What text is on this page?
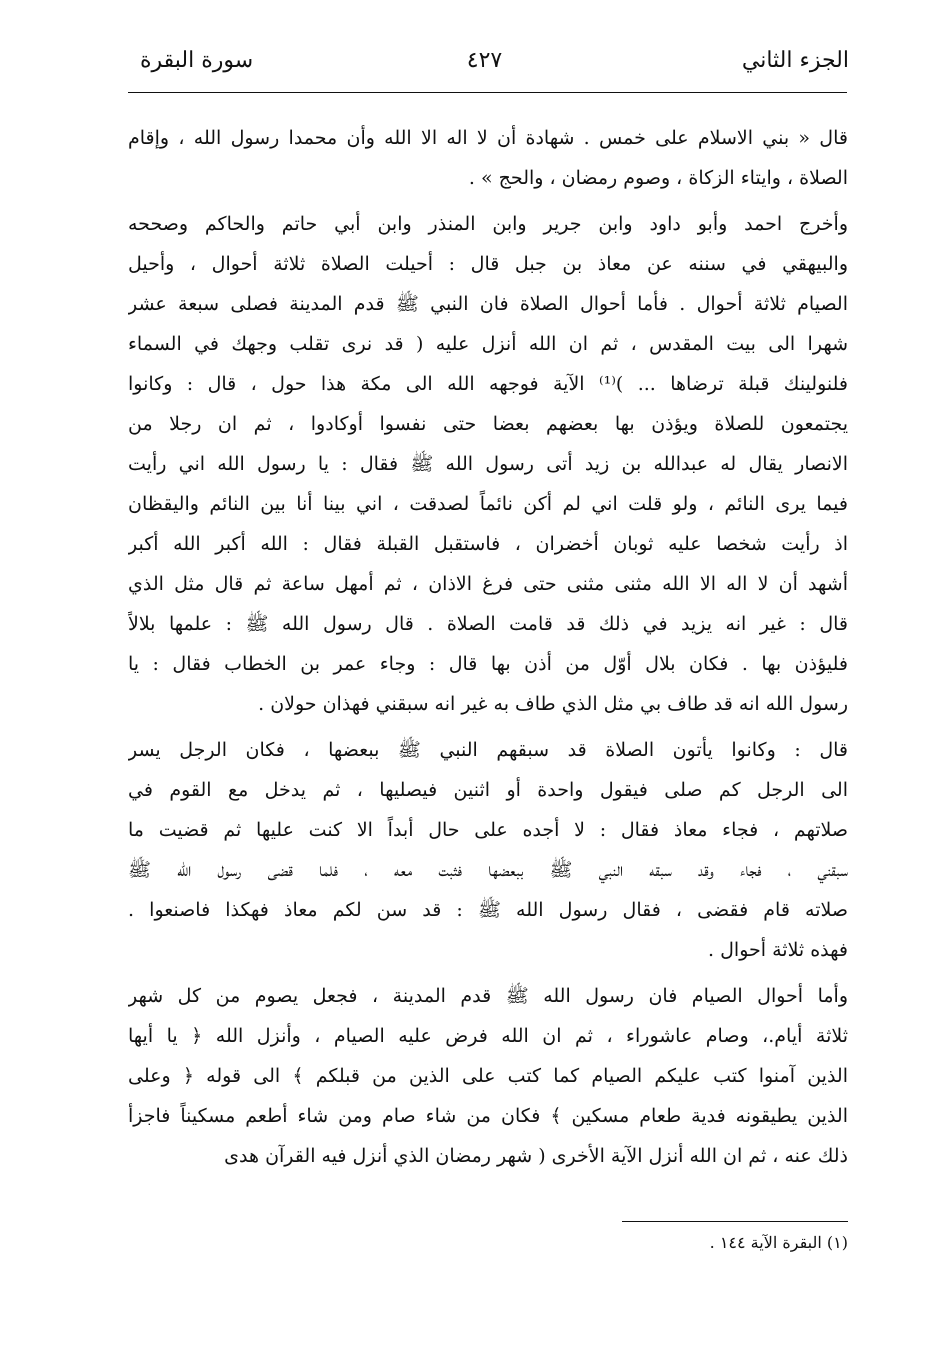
الجزء الثاني
٤٢٧
سورة البقرة
قال « بني الاسلام على خمس . شهادة أن لا اله الا الله وأن محمدا رسول الله ، وإقام
الصلاة ، وايتاء الزكاة ، وصوم رمضان ، والحج » .
وأخرج احمد وأبو داود وابن جرير وابن المنذر وابن أبي حاتم والحاكم وصححه
والبيهقي في سننه عن معاذ بن جبل قال : أحيلت الصلاة ثلاثة أحوال ، وأحيل
الصيام ثلاثة أحوال . فأما أحوال الصلاة فان النبي ﷺ قدم المدينة فصلى سبعة عشر
شهرا الى بيت المقدس ، ثم ان الله أنزل عليه ( قد نرى تقلب وجهك في السماء
فلنولينك قبلة ترضاها ... )⁽¹⁾ الآية فوجهه الله الى مكة هذا حول ، قال : وكانوا
يجتمعون للصلاة ويؤذن بها بعضهم بعضا حتى نفسوا أوكادوا ، ثم ان رجلا من
الانصار يقال له عبدالله بن زيد أتى رسول الله ﷺ فقال : يا رسول الله اني رأيت
فيما يرى النائم ، ولو قلت اني لم أكن نائماً لصدقت ، اني بينا أنا بين النائم واليقظان
اذ رأيت شخصا عليه ثوبان أخضران ، فاستقبل القبلة فقال : الله أكبر الله أكبر
أشهد أن لا اله الا الله مثنى مثنى حتى فرغ الاذان ، ثم أمهل ساعة ثم قال مثل الذي
قال : غير انه يزيد في ذلك قد قامت الصلاة . قال رسول الله ﷺ : علمها بلالاً
فليؤذن بها . فكان بلال أوّل من أذن بها قال : وجاء عمر بن الخطاب فقال : يا
رسول الله انه قد طاف بي مثل الذي طاف به غير انه سبقني فهذان حولان .
قال : وكانوا يأتون الصلاة قد سبقهم النبي ﷺ ببعضها ، فكان الرجل يسر
الى الرجل كم صلى فيقول واحدة أو اثنين فيصليها ، ثم يدخل مع القوم في
صلاتهم ، فجاء معاذ فقال : لا أجده على حال أبداً الا كنت عليها ثم قضيت ما
سبقني ، فجاء وقد سبقه النبي ﷺ ببعضها فثبت معه ، فلما قضى رسول الله ﷺ
صلاته قام فقضى ، فقال رسول الله ﷺ : قد سن لكم معاذ فهكذا فاصنعوا .
فهذه ثلاثة أحوال .
وأما أحوال الصيام فان رسول الله ﷺ قدم المدينة ، فجعل يصوم من كل شهر
ثلاثة أيام.، وصام عاشوراء ، ثم ان الله فرض عليه الصيام ، وأنزل الله ﴿ يا أيها
الذين آمنوا كتب عليكم الصيام كما كتب على الذين من قبلكم ﴾ الى قوله ﴿ وعلى
الذين يطيقونه فدية طعام مسكين ﴾ فكان من شاء صام ومن شاء أطعم مسكيناً فاجزأ
ذلك عنه ، ثم ان الله أنزل الآية الأخرى ( شهر رمضان الذي أنزل فيه القرآن هدى
(١) البقرة الآية ١٤٤ .
